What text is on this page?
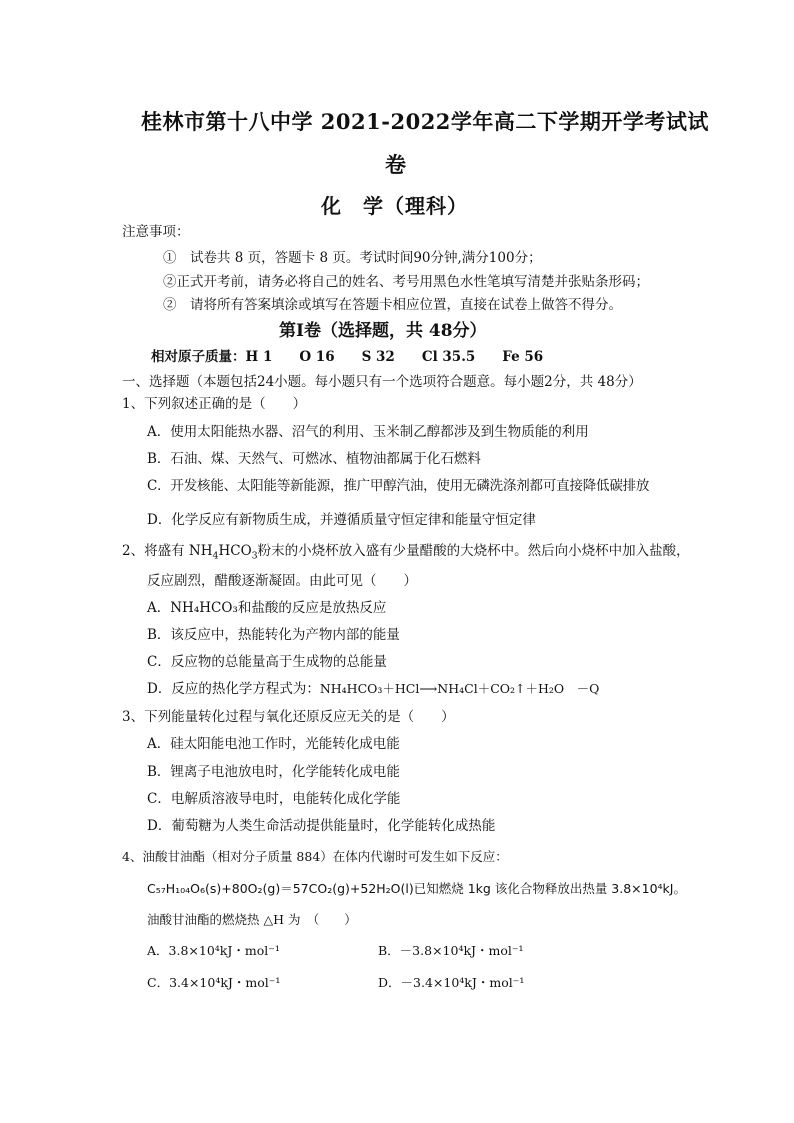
桂林市第十八中学 2021-2022学年高二下学期开学考试试
卷
化　学（理科）
注意事项：
①　试卷共 8 页，答题卡 8 页。考试时间90分钟,满分100分；
②正式开考前，请务必将自己的姓名、考号用黑色水性笔填写清楚并张贴条形码；
②　请将所有答案填涂或填写在答题卡相应位置，直接在试卷上做答不得分。
第Ⅰ卷（选择题，共 48分）
相对原子质量：H 1　　O 16　　S 32　　Cl 35.5　　Fe 56
一、选择题（本题包括24小题。每小题只有一个选项符合题意。每小题2分，共 48分）
1、下列叙述正确的是（　　）
A．使用太阳能热水器、沼气的利用、玉米制乙醇都涉及到生物质能的利用
B．石油、煤、天然气、可燃冰、植物油都属于化石燃料
C．开发核能、太阳能等新能源，推广甲醇汽油，使用无磷洗涤剂都可直接降低碳排放
D．化学反应有新物质生成，并遵循质量守恒定律和能量守恒定律
2、将盛有 $NH_4HCO_3$粉末的小烧杯放入盛有少量醋酸的大烧杯中。然后向小烧杯中加入盐酸，
反应剧烈，醋酸逐渐凝固。由此可见（　　）
A．NH₄HCO₃和盐酸的反应是放热反应
B．该反应中，热能转化为产物内部的能量
C．反应物的总能量高于生成物的总能量
D．反应的热化学方程式为：NH₄HCO₃＋HCl⟶NH₄Cl＋CO₂↑＋H₂O　－Q
3、下列能量转化过程与氧化还原反应无关的是（　　）
A．硅太阳能电池工作时，光能转化成电能
B．锂离子电池放电时，化学能转化成电能
C．电解质溶液导电时，电能转化成化学能
D．葡萄糖为人类生命活动提供能量时，化学能转化成热能
4、油酸甘油酯（相对分子质量 884）在体内代谢时可发生如下反应：
C₅₇H₁₀₄O₆(s)+80O₂(g)＝57CO₂(g)+52H₂O(l)已知燃烧 1kg 该化合物释放出热量 3.8×10⁴kJ。
油酸甘油酯的燃烧热 △H 为　（　　）
A．3.8×10⁴kJ・mol⁻¹	B．－3.8×10⁴kJ・mol⁻¹
C．3.4×10⁴kJ・mol⁻¹	D．－3.4×10⁴kJ・mol⁻¹
